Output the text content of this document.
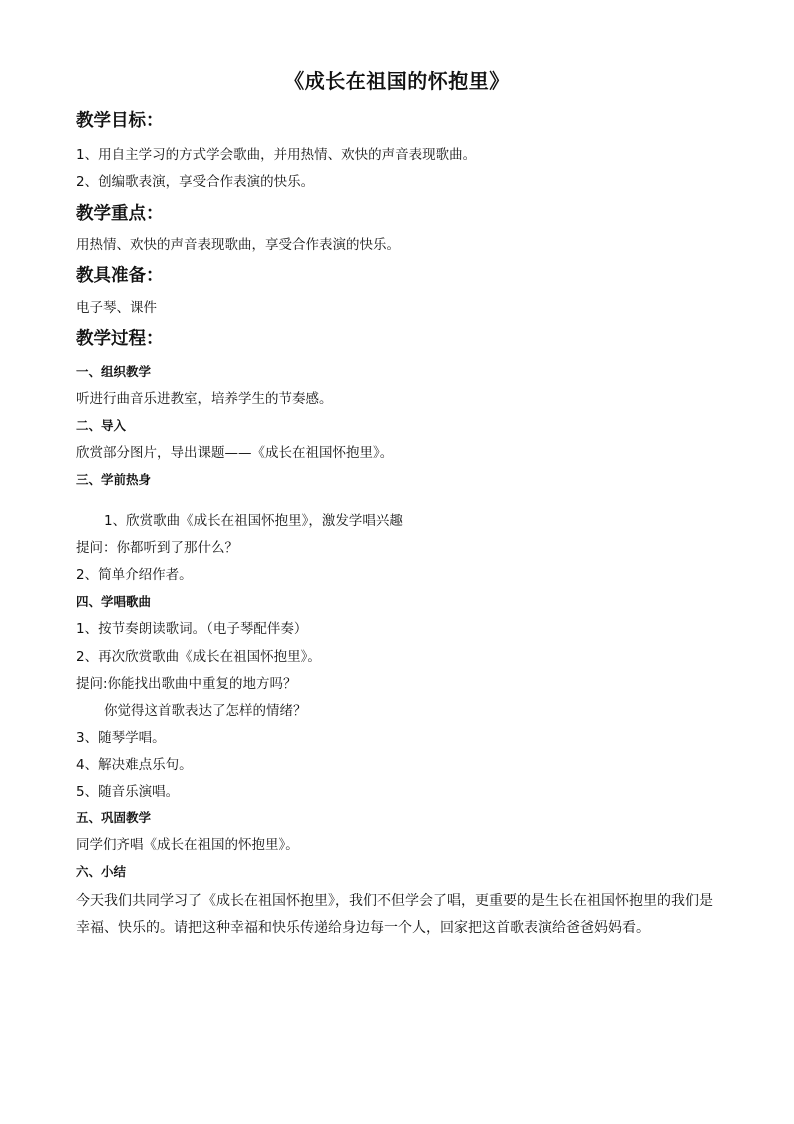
《成长在祖国的怀抱里》
教学目标：
1、用自主学习的方式学会歌曲，并用热情、欢快的声音表现歌曲。
2、创编歌表演，享受合作表演的快乐。
教学重点：
用热情、欢快的声音表现歌曲，享受合作表演的快乐。
教具准备：
电子琴、课件
教学过程：
一、组织教学
听进行曲音乐进教室，培养学生的节奏感。
二、导入
欣赏部分图片，导出课题——《成长在祖国怀抱里》。
三、学前热身
1、欣赏歌曲《成长在祖国怀抱里》，激发学唱兴趣
提问：你都听到了那什么？
2、简单介绍作者。
四、学唱歌曲
1、按节奏朗读歌词。（电子琴配伴奏）
2、再次欣赏歌曲《成长在祖国怀抱里》。
提问:你能找出歌曲中重复的地方吗？
你觉得这首歌表达了怎样的情绪？
3、随琴学唱。
4、解决难点乐句。
5、随音乐演唱。
五、巩固教学
同学们齐唱《成长在祖国的怀抱里》。
六、小结
今天我们共同学习了《成长在祖国怀抱里》，我们不但学会了唱，更重要的是生长在祖国怀抱里的我们是幸福、快乐的。请把这种幸福和快乐传递给身边每一个人，回家把这首歌表演给爸爸妈妈看。
